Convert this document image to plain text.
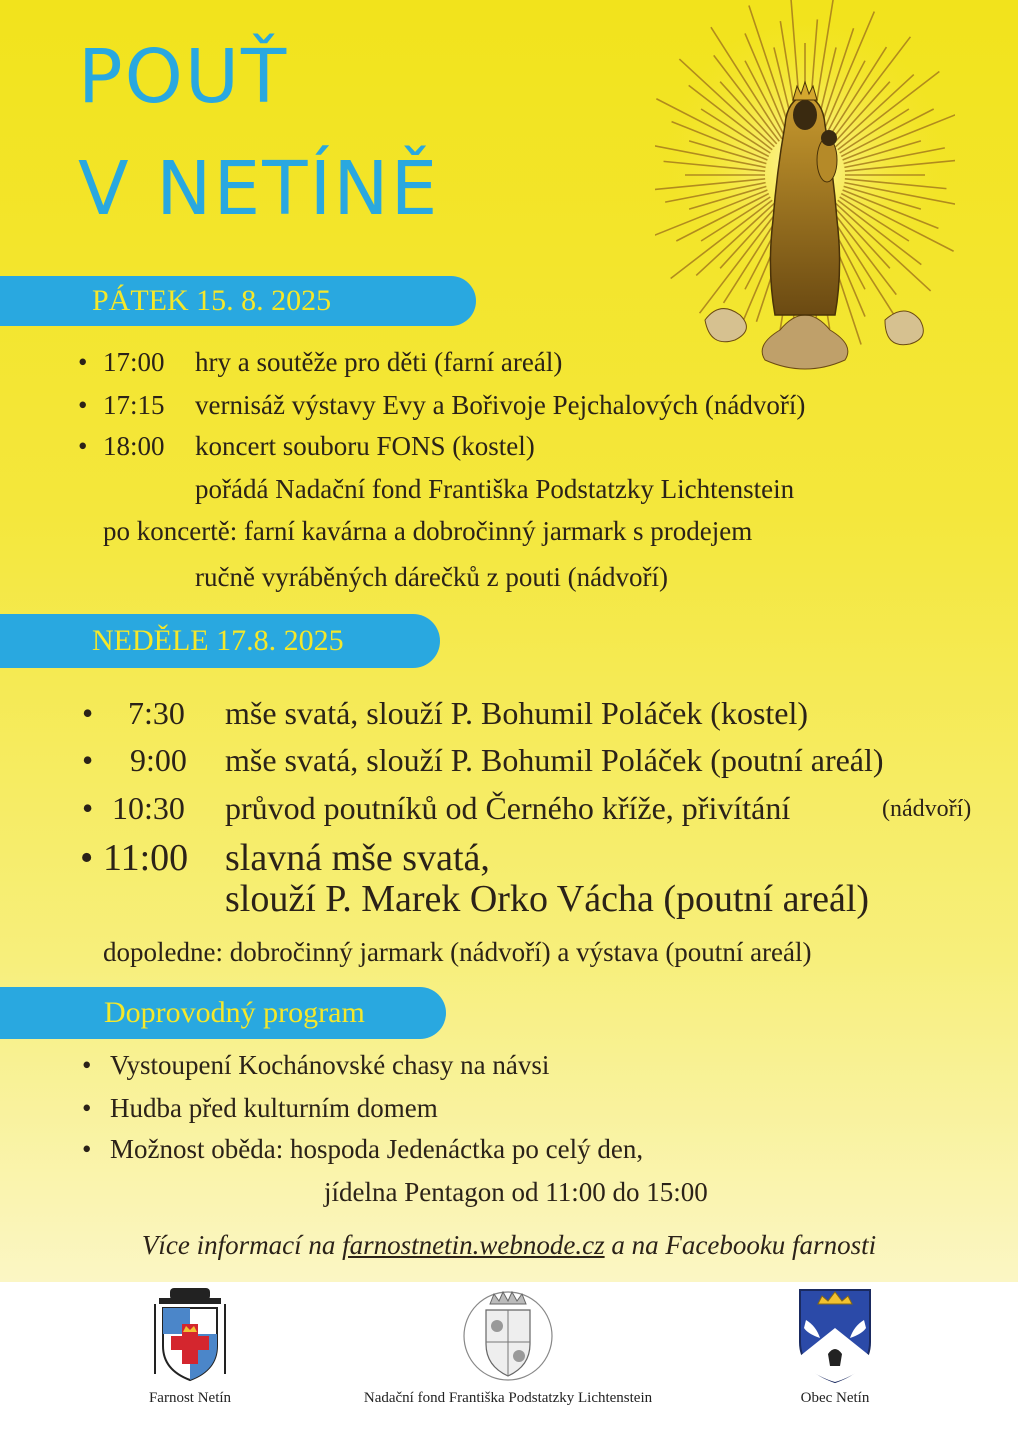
POUŤ
V NETÍNĚ
PÁTEK 15. 8. 2025
• 17:00 hry a soutěže pro děti (farní areál)
• 17:15 vernisáž výstavy Evy a Bořivoje Pejchalových (nádvoří)
• 18:00 koncert souboru FONS (kostel)
pořádá Nadační fond Františka Podstatzky Lichtenstein
po koncertě: farní kavárna a dobročinný jarmark s prodejem
ručně vyráběných dárečků z pouti (nádvoří)
NEDĚLE 17.8. 2025
• 7:30 mše svatá, slouží P. Bohumil Poláček (kostel)
• 9:00 mše svatá, slouží P. Bohumil Poláček (poutní areál)
• 10:30 průvod poutníků od Černého kříže, přivítání	(nádvoří)
• 11:00 slavná mše svatá,
slouží P. Marek Orko Vácha (poutní areál)
dopoledne: dobročinný jarmark (nádvoří) a výstava (poutní areál)
Doprovodný program
• Vystoupení Kochánovské chasy na návsi
• Hudba před kulturním domem
• Možnost oběda: hospoda Jedenáctka po celý den,
jídelna Pentagon od 11:00 do 15:00
Více informací na farnostnetin.webnode.cz a na Facebooku farnosti
Farnost Netín	Nadační fond Františka Podstatzky Lichtenstein	Obec Netín
